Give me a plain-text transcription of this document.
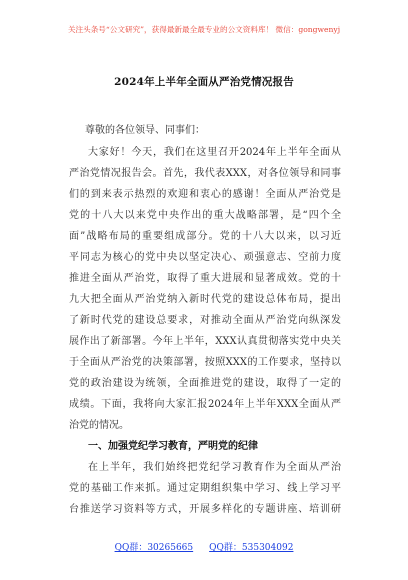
关注头条号“公文研究”，获得最新最全最专业的公文资料库！ 微信：gongwenyj
2024年上半年全面从严治党情况报告
尊敬的各位领导、同事们：
大家好！今天，我们在这里召开2024年上半年全面从
严治党情况报告会。首先，我代表XXX，对各位领导和同事
们的到来表示热烈的欢迎和衷心的感谢！全面从严治党是
党的十八大以来党中央作出的重大战略部署，是“四个全
面”战略布局的重要组成部分。党的十八大以来，以习近
平同志为核心的党中央以坚定决心、顽强意志、空前力度
推进全面从严治党，取得了重大进展和显著成效。党的十
九大把全面从严治党纳入新时代党的建设总体布局，提出
了新时代党的建设总要求，对推动全面从严治党向纵深发
展作出了新部署。今年上半年，XXX认真贯彻落实党中央关
于全面从严治党的决策部署，按照XXX的工作要求，坚持以
党的政治建设为统领，全面推进党的建设，取得了一定的
成绩。下面，我将向大家汇报2024年上半年XXX全面从严
治党的情况。
一、加强党纪学习教育，严明党的纪律
在上半年，我们始终把党纪学习教育作为全面从严治
党的基础工作来抓。通过定期组织集中学习、线上学习平
台推送学习资料等方式，开展多样化的专题讲座、培训研
QQ群：30265665 QQ群：535304092
